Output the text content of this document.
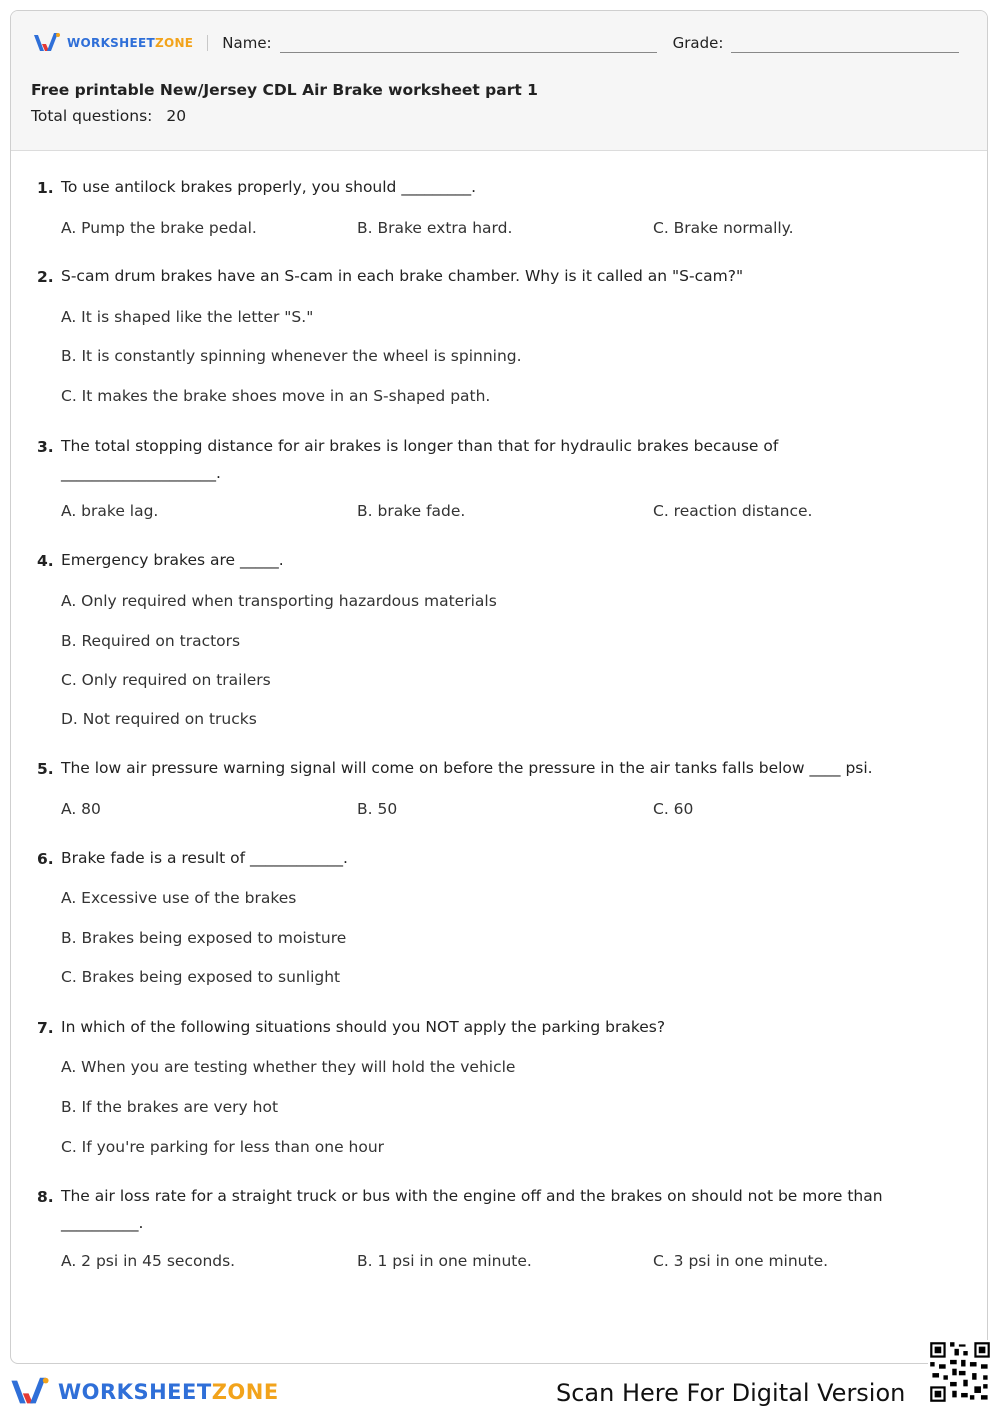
WORKSHEETZONE Name:	Grade:
Free printable New/Jersey CDL Air Brake worksheet part 1
Total questions: 20
1. To use antilock brakes properly, you should _________.
A. Pump the brake pedal.	B. Brake extra hard.	C. Brake normally.
2. S-cam drum brakes have an S-cam in each brake chamber. Why is it called an "S-cam?"
A. It is shaped like the letter "S."
B. It is constantly spinning whenever the wheel is spinning.
C. It makes the brake shoes move in an S-shaped path.
3. The total stopping distance for air brakes is longer than that for hydraulic brakes because of ____________________.
A. brake lag.	B. brake fade.	C. reaction distance.
4. Emergency brakes are _____.
A. Only required when transporting hazardous materials
B. Required on tractors
C. Only required on trailers
D. Not required on trucks
5. The low air pressure warning signal will come on before the pressure in the air tanks falls below ____ psi.
A. 80	B. 50	C. 60
6. Brake fade is a result of ____________.
A. Excessive use of the brakes
B. Brakes being exposed to moisture
C. Brakes being exposed to sunlight
7. In which of the following situations should you NOT apply the parking brakes?
A. When you are testing whether they will hold the vehicle
B. If the brakes are very hot
C. If you're parking for less than one hour
8. The air loss rate for a straight truck or bus with the engine off and the brakes on should not be more than __________.
A. 2 psi in 45 seconds.	B. 1 psi in one minute.	C. 3 psi in one minute.
WORKSHEETZONE	Scan Here For Digital Version
